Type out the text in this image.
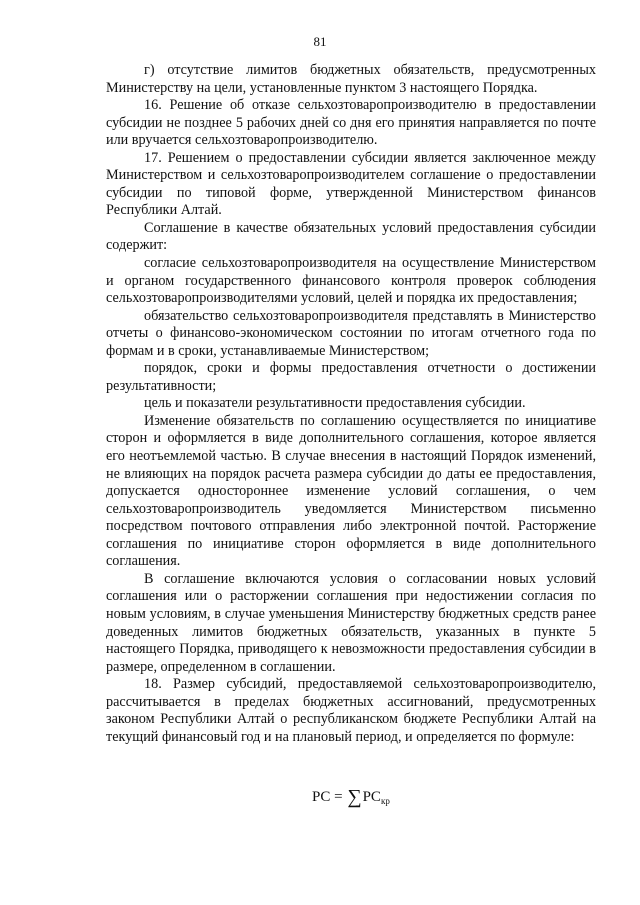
81

г) отсутствие лимитов бюджетных обязательств, предусмотренных Министерству на цели, установленные пунктом 3 настоящего Порядка.

16. Решение об отказе сельхозтоваропроизводителю в предоставлении субсидии не позднее 5 рабочих дней со дня его принятия направляется по почте или вручается сельхозтоваропроизводителю.

17. Решением о предоставлении субсидии является заключенное между Министерством и сельхозтоваропроизводителем соглашение о предоставлении субсидии по типовой форме, утвержденной Министерством финансов Республики Алтай.

Соглашение в качестве обязательных условий предоставления субсидии содержит:

согласие сельхозтоваропроизводителя на осуществление Министерством и органом государственного финансового контроля проверок соблюдения сельхозтоваропроизводителями условий, целей и порядка их предоставления;

обязательство сельхозтоваропроизводителя представлять в Министерство отчеты о финансово-экономическом состоянии по итогам отчетного года по формам и в сроки, устанавливаемые Министерством;

порядок, сроки и формы предоставления отчетности о достижении результативности;

цель и показатели результативности предоставления субсидии.

Изменение обязательств по соглашению осуществляется по инициативе сторон и оформляется в виде дополнительного соглашения, которое является его неотъемлемой частью. В случае внесения в настоящий Порядок изменений, не влияющих на порядок расчета размера субсидии до даты ее предоставления, допускается одностороннее изменение условий соглашения, о чем сельхозтоваропроизводитель уведомляется Министерством письменно посредством почтового отправления либо электронной почтой. Расторжение соглашения по инициативе сторон оформляется в виде дополнительного соглашения.

В соглашение включаются условия о согласовании новых условий соглашения или о расторжении соглашения при недостижении согласия по новым условиям, в случае уменьшения Министерству бюджетных средств ранее доведенных лимитов бюджетных обязательств, указанных в пункте 5 настоящего Порядка, приводящего к невозможности предоставления субсидии в размере, определенном в соглашении.

18. Размер субсидий, предоставляемой сельхозтоваропроизводителю, рассчитывается в пределах бюджетных ассигнований, предусмотренных законом Республики Алтай о республиканском бюджете Республики Алтай на текущий финансовый год и на плановый период, и определяется по формуле:

PC = $\sum PC_{кр}$
